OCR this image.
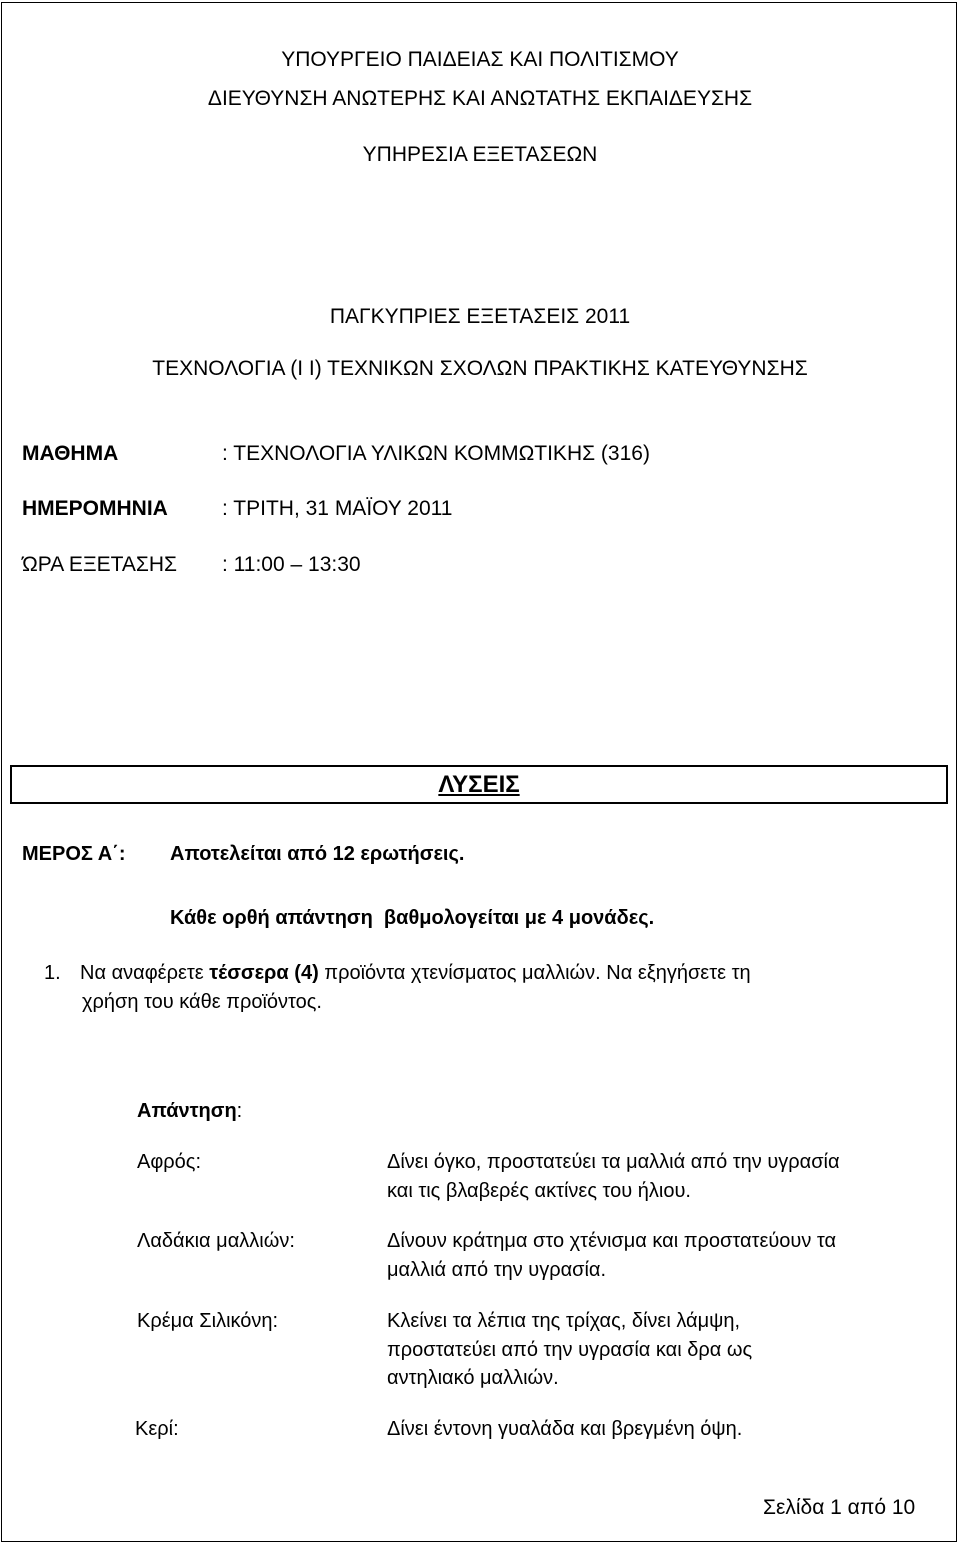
ΥΠΟΥΡΓΕΙΟ ΠΑΙΔΕΙΑΣ ΚΑΙ ΠΟΛΙΤΙΣΜΟΥ
ΔΙΕΥΘΥΝΣΗ ΑΝΩΤΕΡΗΣ ΚΑΙ ΑΝΩΤΑΤΗΣ ΕΚΠΑΙΔΕΥΣΗΣ
ΥΠΗΡΕΣΙΑ ΕΞΕΤΑΣΕΩΝ
ΠΑΓΚΥΠΡΙΕΣ ΕΞΕΤΑΣΕΙΣ 2011
ΤΕΧΝΟΛΟΓΙΑ (Ι Ι) ΤΕΧΝΙΚΩΝ ΣΧΟΛΩΝ ΠΡΑΚΤΙΚΗΣ ΚΑΤΕΥΘΥΝΣΗΣ
ΜΑΘΗΜΑ	: ΤΕΧΝΟΛΟΓΙΑ ΥΛΙΚΩΝ ΚΟΜΜΩΤΙΚΗΣ (316)
ΗΜΕΡΟΜΗΝΙΑ	: ΤΡΙΤΗ, 31 ΜΑΪΟΥ 2011
ΏΡΑ ΕΞΕΤΑΣΗΣ : 11:00 – 13:30
ΛΥΣΕΙΣ
ΜΕΡΟΣ Α΄: Αποτελείται από 12 ερωτήσεις.
Κάθε ορθή απάντηση  βαθμολογείται με 4 μονάδες.
1. Να αναφέρετε τέσσερα (4) προϊόντα χτενίσματος μαλλιών. Να εξηγήσετε τη
χρήση του κάθε προϊόντος.
Απάντηση:
Αφρός:	Δίνει όγκο, προστατεύει τα μαλλιά από την υγρασία
και τις βλαβερές ακτίνες του ήλιου.
Λαδάκια μαλλιών:	Δίνουν κράτημα στο χτένισμα και προστατεύουν τα
μαλλιά από την υγρασία.
Κρέμα Σιλικόνη:	Κλείνει τα λέπια της τρίχας, δίνει λάμψη,
προστατεύει από την υγρασία και δρα ως
αντηλιακό μαλλιών.
Κερί:	Δίνει έντονη γυαλάδα και βρεγμένη όψη.
Σελίδα 1 από 10
